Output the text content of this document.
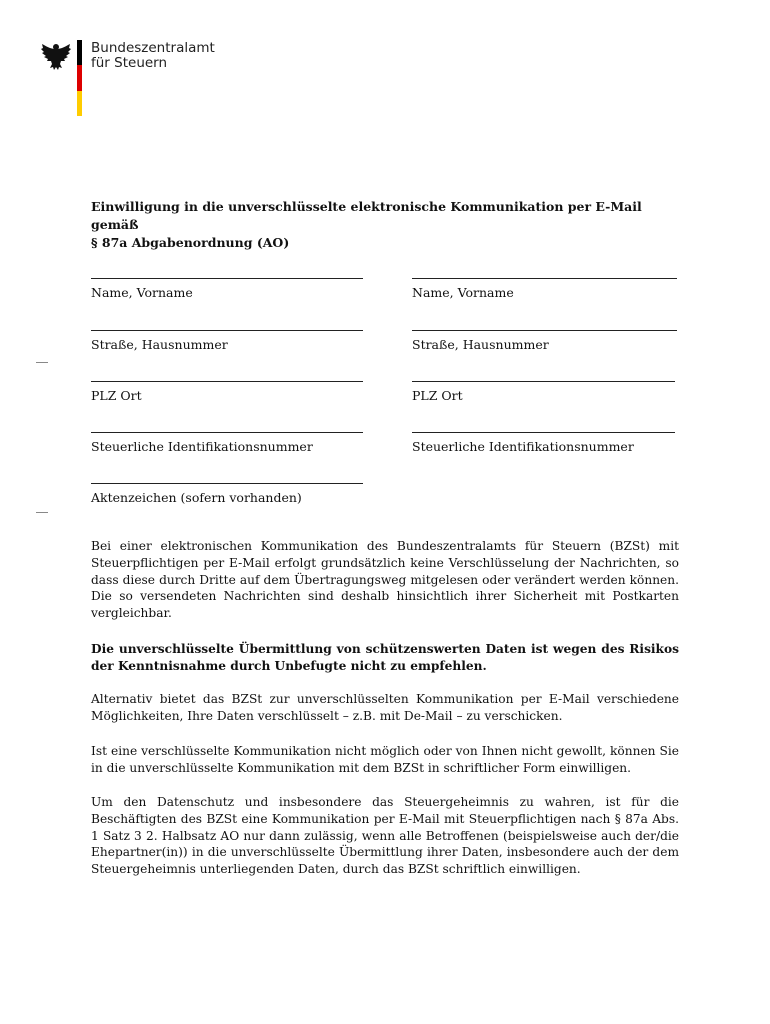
Bundeszentralamt
für Steuern
Einwilligung in die unverschlüsselte elektronische Kommunikation per E-Mail gemäß
§ 87a Abgabenordnung (AO)
Name, Vorname
Straße, Hausnummer
PLZ Ort
Steuerliche Identifikationsnummer
Aktenzeichen (sofern vorhanden)
Name, Vorname
Straße, Hausnummer
PLZ Ort
Steuerliche Identifikationsnummer

Bei einer elektronischen Kommunikation des Bundeszentralamts für Steuern (BZSt) mit Steuerpflichtigen per E-Mail erfolgt grundsätzlich keine Verschlüsselung der Nachrichten, so dass diese durch Dritte auf dem Übertragungsweg mitgelesen oder verändert werden können. Die so versendeten Nachrichten sind deshalb hinsichtlich ihrer Sicherheit mit Postkarten vergleichbar.

Die unverschlüsselte Übermittlung von schützenswerten Daten ist wegen des Risikos der Kenntnisnahme durch Unbefugte nicht zu empfehlen.

Alternativ bietet das BZSt zur unverschlüsselten Kommunikation per E-Mail verschiedene Möglichkeiten, Ihre Daten verschlüsselt – z.B. mit De-Mail – zu verschicken.

Ist eine verschlüsselte Kommunikation nicht möglich oder von Ihnen nicht gewollt, können Sie in die unverschlüsselte Kommunikation mit dem BZSt in schriftlicher Form einwilligen.

Um den Datenschutz und insbesondere das Steuergeheimnis zu wahren, ist für die Beschäftigten des BZSt eine Kommunikation per E-Mail mit Steuerpflichtigen nach § 87a Abs. 1 Satz 3 2. Halbsatz AO nur dann zulässig, wenn alle Betroffenen (beispielsweise auch der/die Ehepartner(in)) in die unverschlüsselte Übermittlung ihrer Daten, insbesondere auch der dem Steuergeheimnis unterliegenden Daten, durch das BZSt schriftlich einwilligen.
